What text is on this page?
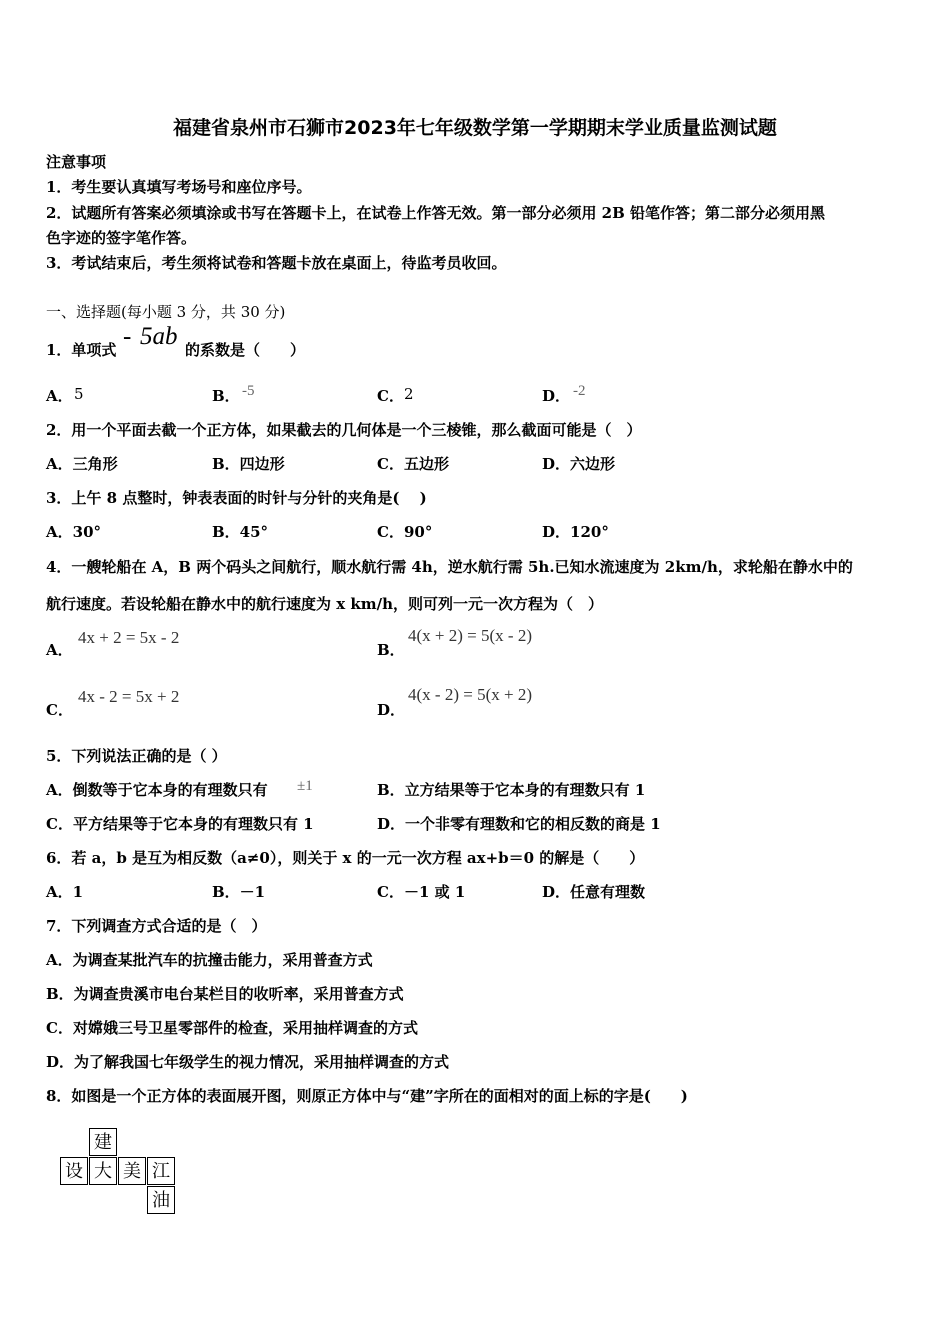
福建省泉州市石狮市2023年七年级数学第一学期期末学业质量监测试题
注意事项
1．考生要认真填写考场号和座位序号。
2．试题所有答案必须填涂或书写在答题卡上，在试卷上作答无效。第一部分必须用 2B 铅笔作答；第二部分必须用黑
色字迹的签字笔作答。
3．考试结束后，考生须将试卷和答题卡放在桌面上，待监考员收回。
一、选择题(每小题 3 分，共 30 分)
1．单项式 - 5ab 的系数是（　　）
A． 5	B． -5	C． 2	D． -2
2．用一个平面去截一个正方体，如果截去的几何体是一个三棱锥，那么截面可能是（　）
A．三角形	B．四边形	C．五边形	D．六边形
3．上午 8 点整时，钟表表面的时针与分针的夹角是(　 )
A．30°	B．45°	C．90°	D．120°
4．一艘轮船在 A，B 两个码头之间航行，顺水航行需 4h，逆水航行需 5h.已知水流速度为 2km/h，求轮船在静水中的
航行速度。若设轮船在静水中的航行速度为 x km/h，则可列一元一次方程为（　）
A．
4x + 2 = 5x - 2
B．
4(x + 2) = 5(x - 2)
C．
4x - 2 = 5x + 2
D．
4(x - 2) = 5(x + 2)
5．下列说法正确的是（ ）
A．倒数等于它本身的有理数只有 ±1	B．立方结果等于它本身的有理数只有 1
C．平方结果等于它本身的有理数只有 1	D．一个非零有理数和它的相反数的商是 1
6．若 a，b 是互为相反数（a≠0），则关于 x 的一元一次方程 ax+b＝0 的解是（　　）
A．1	B．－1	C．－1 或 1	D．任意有理数
7．下列调查方式合适的是（　）
A．为调查某批汽车的抗撞击能力，采用普查方式
B．为调查贵溪市电台某栏目的收听率，采用普查方式
C．对嫦娥三号卫星零部件的检查，采用抽样调查的方式
D．为了解我国七年级学生的视力情况，采用抽样调查的方式
8．如图是一个正方体的表面展开图，则原正方体中与“建”字所在的面相对的面上标的字是(　　)
建
设 大 美 江
油
